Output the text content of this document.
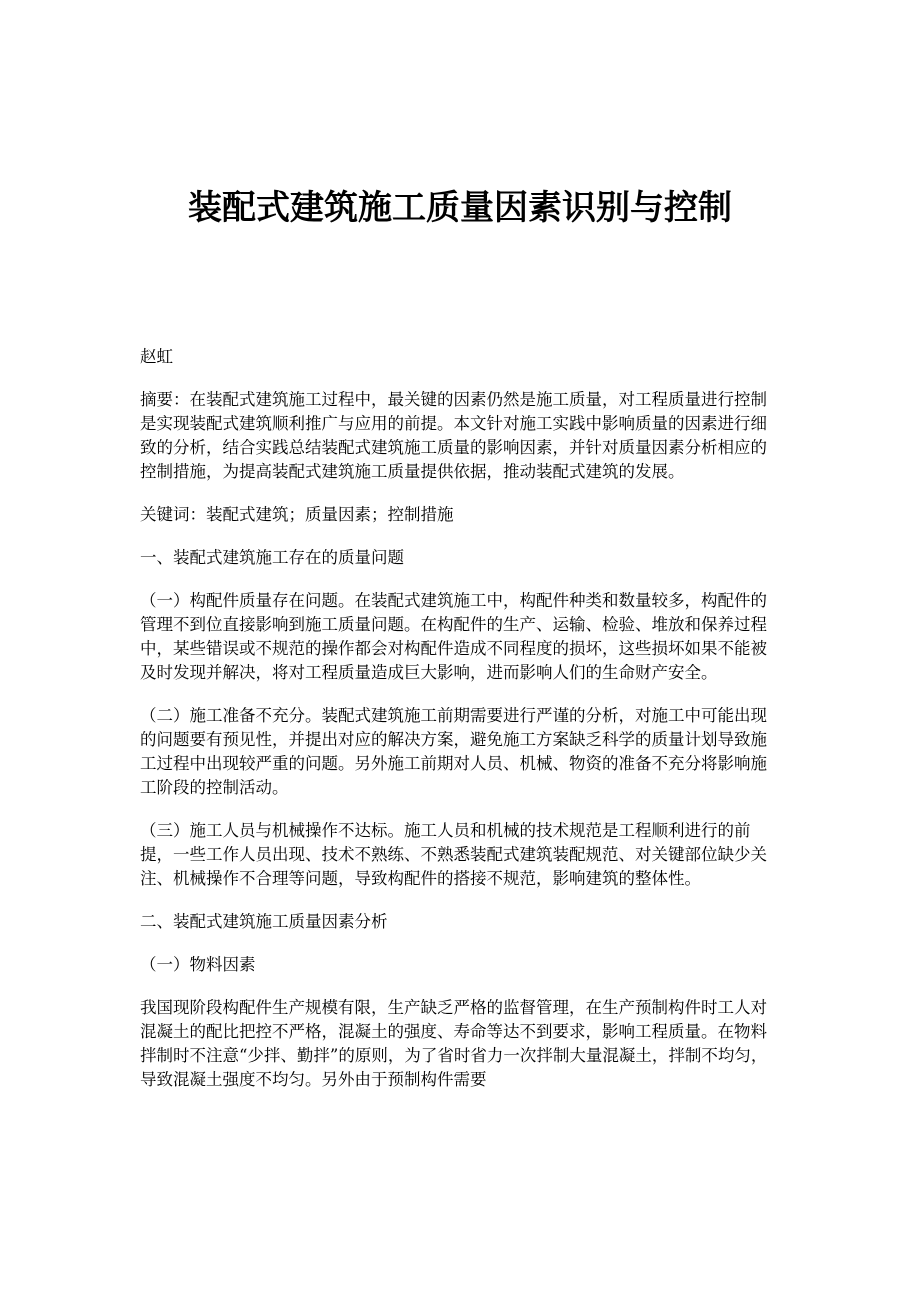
装配式建筑施工质量因素识别与控制

赵虹

摘要：在装配式建筑施工过程中，最关键的因素仍然是施工质量，对工程质量进行控制是实现装配式建筑顺利推广与应用的前提。本文针对施工实践中影响质量的因素进行细致的分析，结合实践总结装配式建筑施工质量的影响因素，并针对质量因素分析相应的控制措施，为提高装配式建筑施工质量提供依据，推动装配式建筑的发展。

关键词：装配式建筑；质量因素；控制措施

一、装配式建筑施工存在的质量问题

（一）构配件质量存在问题。在装配式建筑施工中，构配件种类和数量较多，构配件的管理不到位直接影响到施工质量问题。在构配件的生产、运输、检验、堆放和保养过程中，某些错误或不规范的操作都会对构配件造成不同程度的损坏，这些损坏如果不能被及时发现并解决，将对工程质量造成巨大影响，进而影响人们的生命财产安全。

（二）施工准备不充分。装配式建筑施工前期需要进行严谨的分析，对施工中可能出现的问题要有预见性，并提出对应的解决方案，避免施工方案缺乏科学的质量计划导致施工过程中出现较严重的问题。另外施工前期对人员、机械、物资的准备不充分将影响施工阶段的控制活动。

（三）施工人员与机械操作不达标。施工人员和机械的技术规范是工程顺利进行的前提，一些工作人员出现、技术不熟练、不熟悉装配式建筑装配规范、对关键部位缺少关注、机械操作不合理等问题，导致构配件的搭接不规范，影响建筑的整体性。

二、装配式建筑施工质量因素分析

（一）物料因素

我国现阶段构配件生产规模有限，生产缺乏严格的监督管理，在生产预制构件时工人对混凝土的配比把控不严格，混凝土的强度、寿命等达不到要求，影响工程质量。在物料拌制时不注意“少拌、勤拌”的原则，为了省时省力一次拌制大量混凝土，拌制不均匀，导致混凝土强度不均匀。另外由于预制构件需要
